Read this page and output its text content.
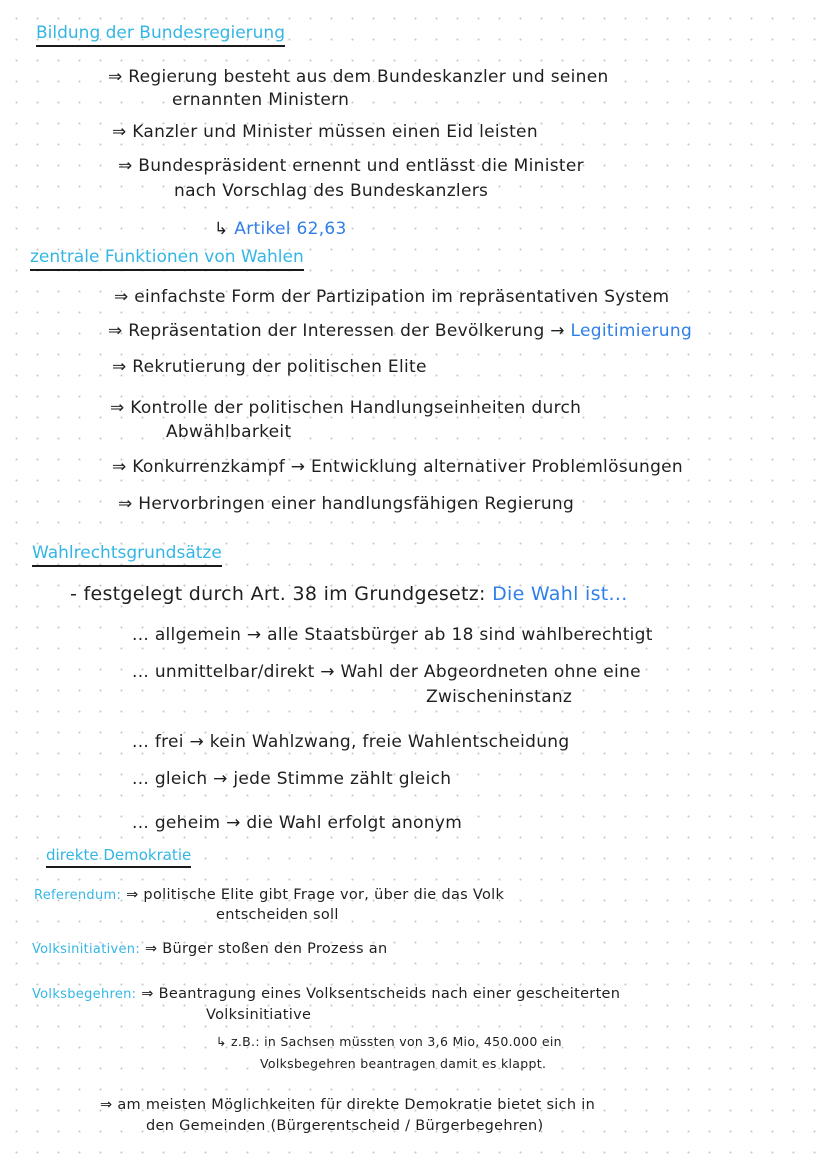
Bildung der Bundesregierung
⇒ Regierung besteht aus dem Bundeskanzler und seinen
ernannten Ministern
⇒ Kanzler und Minister müssen einen Eid leisten
⇒ Bundespräsident ernennt und entlässt die Minister
nach Vorschlag des Bundeskanzlers
↳ Artikel 62,63
zentrale Funktionen von Wahlen
⇒ einfachste Form der Partizipation im repräsentativen System
⇒ Repräsentation der Interessen der Bevölkerung → Legitimierung
⇒ Rekrutierung der politischen Elite
⇒ Kontrolle der politischen Handlungseinheiten durch
Abwählbarkeit
⇒ Konkurrenzkampf → Entwicklung alternativer Problemlösungen
⇒ Hervorbringen einer handlungsfähigen Regierung
Wahlrechtsgrundsätze
- festgelegt durch Art. 38 im Grundgesetz: Die Wahl ist...
... allgemein → alle Staatsbürger ab 18 sind wahlberechtigt
... unmittelbar/direkt → Wahl der Abgeordneten ohne eine
Zwischeninstanz
... frei → kein Wahlzwang, freie Wahlentscheidung
... gleich → jede Stimme zählt gleich
... geheim → die Wahl erfolgt anonym
direkte Demokratie
Referendum: ⇒ politische Elite gibt Frage vor, über die das Volk
entscheiden soll
Volksinitiativen: ⇒ Bürger stoßen den Prozess an
Volksbegehren: ⇒ Beantragung eines Volksentscheids nach einer gescheiterten
Volksinitiative
↳ z.B.: in Sachsen müssten von 3,6 Mio, 450.000 ein
Volksbegehren beantragen damit es klappt.
⇒ am meisten Möglichkeiten für direkte Demokratie bietet sich in
den Gemeinden (Bürgerentscheid / Bürgerbegehren)
